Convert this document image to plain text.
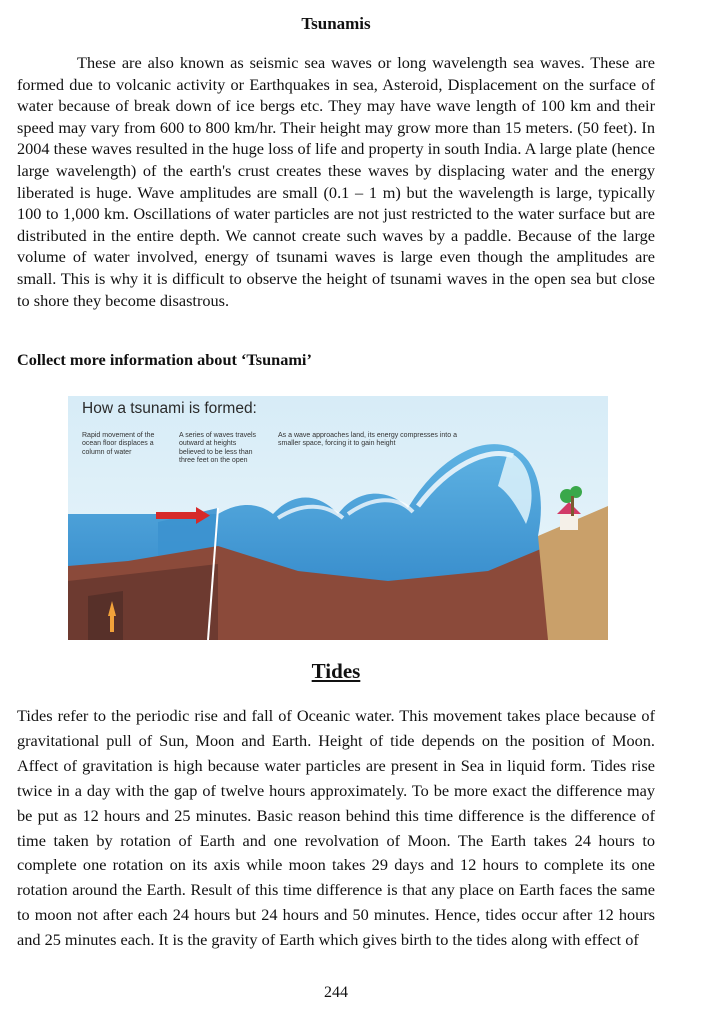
Tsunamis

These are also known as seismic sea waves or long wavelength sea waves. These are formed due to volcanic activity or Earthquakes in sea, Asteroid, Displacement on the surface of water because of break down of ice bergs etc. They may have wave length of 100 km and their speed may vary from 600 to 800 km/hr. Their height may grow more than 15 meters. (50 feet). In 2004 these waves resulted in the huge loss of life and property in south India. A large plate (hence large wavelength) of the earth's crust creates these waves by displacing water and the energy liberated is huge. Wave amplitudes are small (0.1 – 1 m) but the wavelength is large, typically 100 to 1,000 km. Oscillations of water particles are not just restricted to the water surface but are distributed in the entire depth. We cannot create such waves by a paddle. Because of the large volume of water involved, energy of tsunami waves is large even though the amplitudes are small. This is why it is difficult to observe the height of tsunami waves in the open sea but close to shore they become disastrous.

Collect more information about ‘Tsunami’
How a tsunami is formed:
Rapid movement of the ocean floor displaces a column of water
A series of waves travels outward at heights believed to be less than three feet on the open
As a wave approaches land, its energy compresses into a smaller space, forcing it to gain height
Tides

Tides refer to the periodic rise and fall of Oceanic water. This movement takes place because of gravitational pull of Sun, Moon and Earth. Height of tide depends on the position of Moon. Affect of gravitation is high because water particles are present in Sea in liquid form. Tides rise twice in a day with the gap of twelve hours approximately. To be more exact the difference may be put as 12 hours and 25 minutes. Basic reason behind this time difference is the difference of time taken by rotation of Earth and one revolvation of Moon. The Earth takes 24 hours to complete one rotation on its axis while moon takes 29 days and 12 hours to complete its one rotation around the Earth. Result of this time difference is that any place on Earth faces the same to moon not after each 24 hours but 24 hours and 50 minutes. Hence, tides occur after 12 hours and 25 minutes each. It is the gravity of Earth which gives birth to the tides along with effect of

244
